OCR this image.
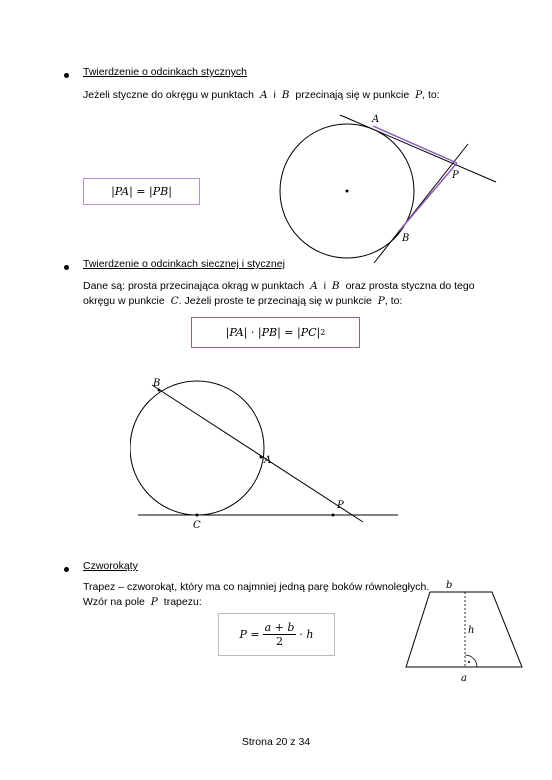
Twierdzenie o odcinkach stycznych
Jeżeli styczne do okręgu w punktach A i B przecinają się w punkcie P, to:
|PA| = |PB|
A
P
B
Twierdzenie o odcinkach siecznej i stycznej
Dane są: prosta przecinająca okrąg w punktach A i B oraz prosta styczna do tego
okręgu w punkcie C. Jeżeli proste te przecinają się w punkcie P, to:
|PA| · |PB| = |PC| 2
B
A
C
P
Czworokąty
Trapez – czworokąt, który ma co najmniej jedną parę boków równoległych.
Wzór na pole P trapezu:
$P = \frac{a + b}{2} \cdot h$
b
h
a
Strona 20 z 34
